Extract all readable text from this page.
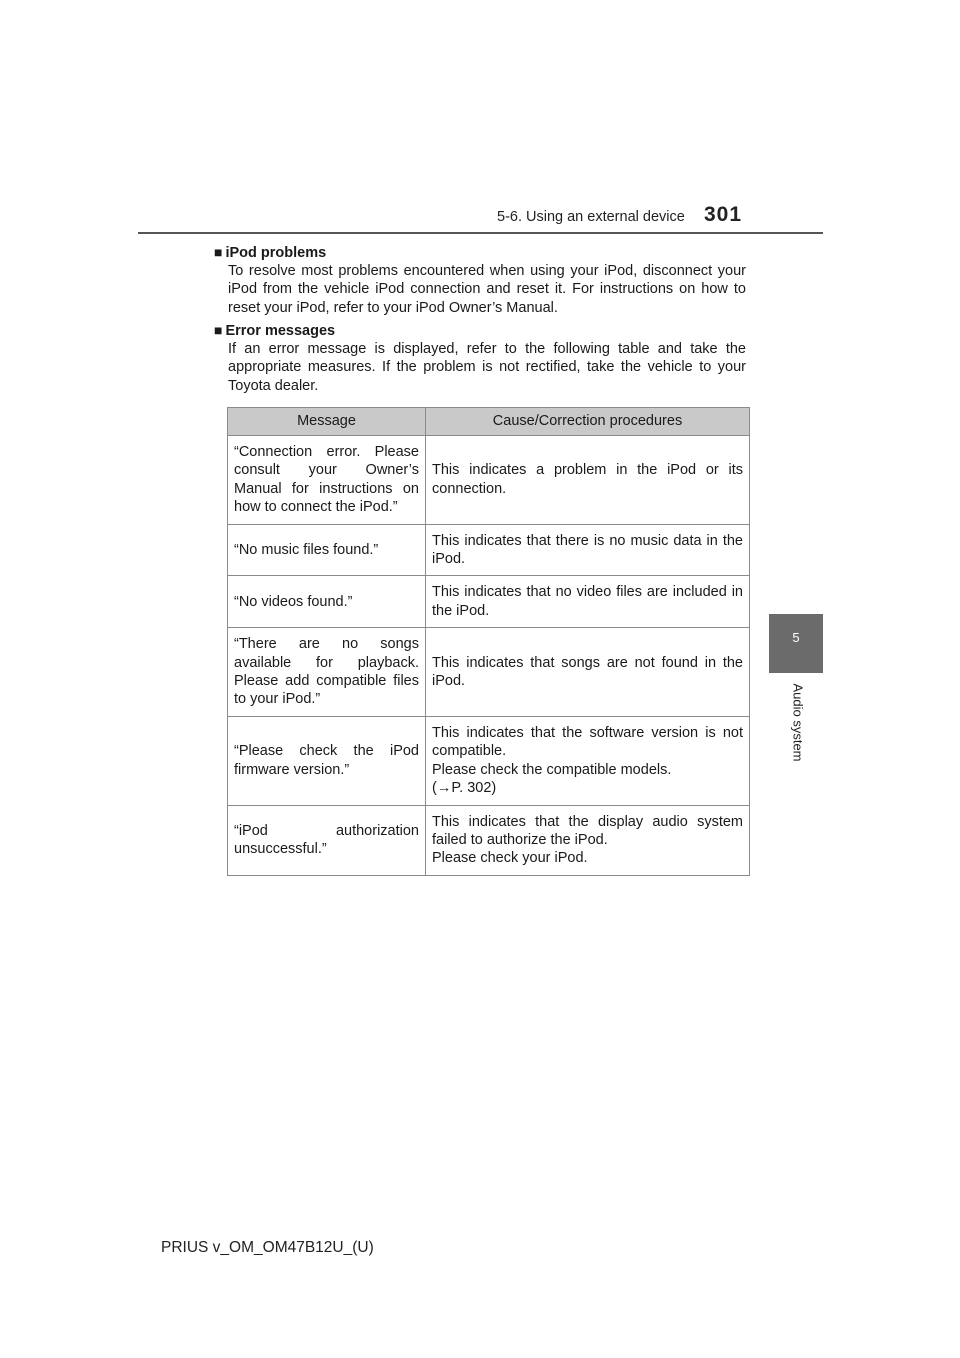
5-6. Using an external device 301
5
Audio system
■ iPod problems
To resolve most problems encountered when using your iPod, disconnect your iPod from the vehicle iPod connection and reset it. For instructions on how to reset your iPod, refer to your iPod Owner’s Manual.
■ Error messages
If an error message is displayed, refer to the following table and take the appropriate measures. If the problem is not rectified, take the vehicle to your Toyota dealer.
Message	Cause/Correction procedures
“Connection error. Please consult your Owner’s Manual for instructions on how to connect the iPod.”	This indicates a problem in the iPod or its connection.
“No music files found.”	This indicates that there is no music data in the iPod.
“No videos found.”	This indicates that no video files are included in the iPod.
“There are no songs available for playback. Please add compatible files to your iPod.”	This indicates that songs are not found in the iPod.
“Please check the iPod firmware version.”	This indicates that the software version is not compatible.
Please check the compatible models.
(→P. 302)

“iPod authorization unsuccessful.”	This indicates that the display audio system failed to authorize the iPod.
Please check your iPod.
PRIUS v_OM_OM47B12U_(U)
